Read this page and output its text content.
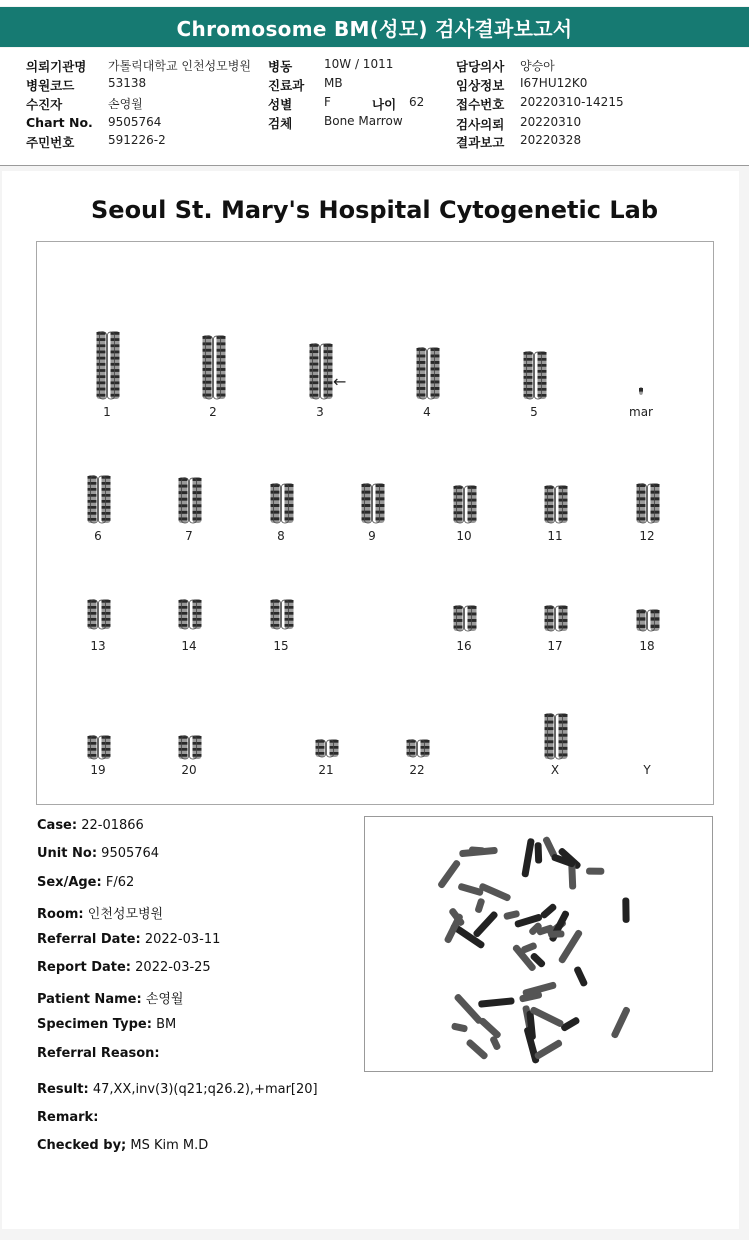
Chromosome BM(성모) 검사결과보고서
의뢰기관명 가톨릭대학교 인천성모병원
병원코드	53138
수진자	손영월
Chart No. 9505764
주민번호	591226-2
병동	10W / 1011
진료과 MB
성별	F	나이 62
검체	Bone Marrow
담당의사 양승아
임상정보 I67HU12K0
접수번호 20220310-14215
검사의뢰 20220310
결과보고 20220328
Seoul St. Mary's Hospital Cytogenetic Lab
1	2	3	4	5	mar
6	7	8	9	10	11	12
13	14	15	16	17	18
19	20	21	22	X	Y
←
Case: 22-01866
Unit No: 9505764
Sex/Age: F/62
Room: 인천성모병원
Referral Date: 2022-03-11
Report Date: 2022-03-25
Patient Name: 손영월
Specimen Type: BM
Referral Reason:
Result: 47,XX,inv(3)(q21;q26.2),+mar[20]
Remark:
Checked by; MS Kim M.D
